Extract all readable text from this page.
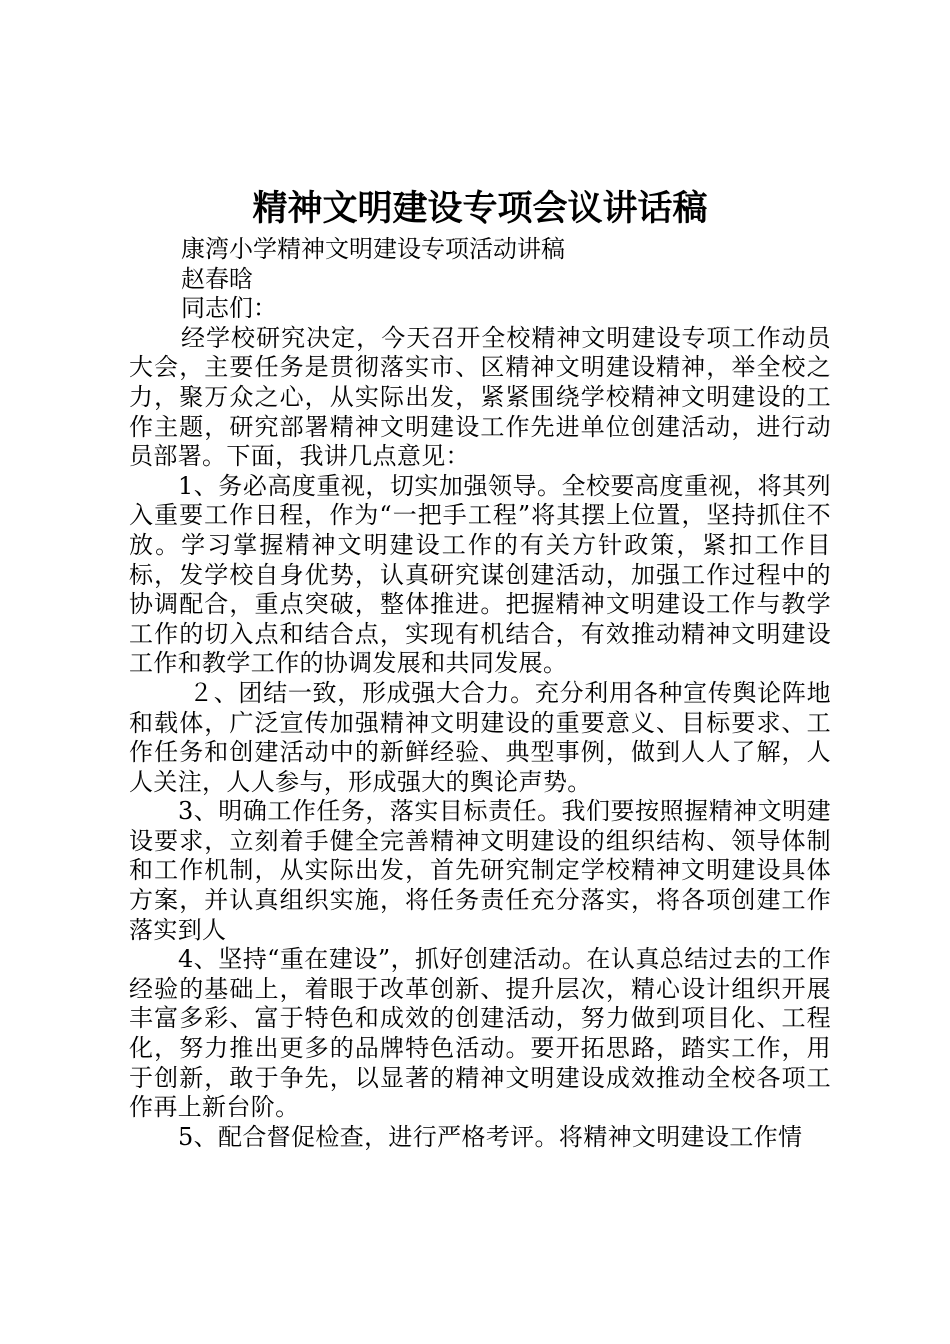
精神文明建设专项会议讲话稿

康湾小学精神文明建设专项活动讲稿

赵春晗

同志们：

经学校研究决定，今天召开全校精神文明建设专项工作动员大会，主要任务是贯彻落实市、区精神文明建设精神，举全校之力，聚万众之心，从实际出发，紧紧围绕学校精神文明建设的工作主题，研究部署精神文明建设工作先进单位创建活动，进行动员部署。下面，我讲几点意见：

1、务必高度重视，切实加强领导。全校要高度重视，将其列入重要工作日程，作为“一把手工程”将其摆上位置，坚持抓住不放。学习掌握精神文明建设工作的有关方针政策，紧扣工作目标，发学校自身优势，认真研究谋创建活动，加强工作过程中的协调配合，重点突破，整体推进。把握精神文明建设工作与教学工作的切入点和结合点，实现有机结合，有效推动精神文明建设工作和教学工作的协调发展和共同发展。

２、团结一致，形成强大合力。充分利用各种宣传舆论阵地和载体，广泛宣传加强精神文明建设的重要意义、目标要求、工作任务和创建活动中的新鲜经验、典型事例，做到人人了解，人人关注，人人参与，形成强大的舆论声势。

3、明确工作任务，落实目标责任。我们要按照握精神文明建设要求，立刻着手健全完善精神文明建设的组织结构、领导体制和工作机制，从实际出发，首先研究制定学校精神文明建设具体方案，并认真组织实施，将任务责任充分落实，将各项创建工作落实到人

4、坚持“重在建设”，抓好创建活动。在认真总结过去的工作经验的基础上，着眼于改革创新、提升层次，精心设计组织开展丰富多彩、富于特色和成效的创建活动，努力做到项目化、工程化，努力推出更多的品牌特色活动。要开拓思路，踏实工作，用于创新，敢于争先，以显著的精神文明建设成效推动全校各项工作再上新台阶。

5、配合督促检查，进行严格考评。将精神文明建设工作情
